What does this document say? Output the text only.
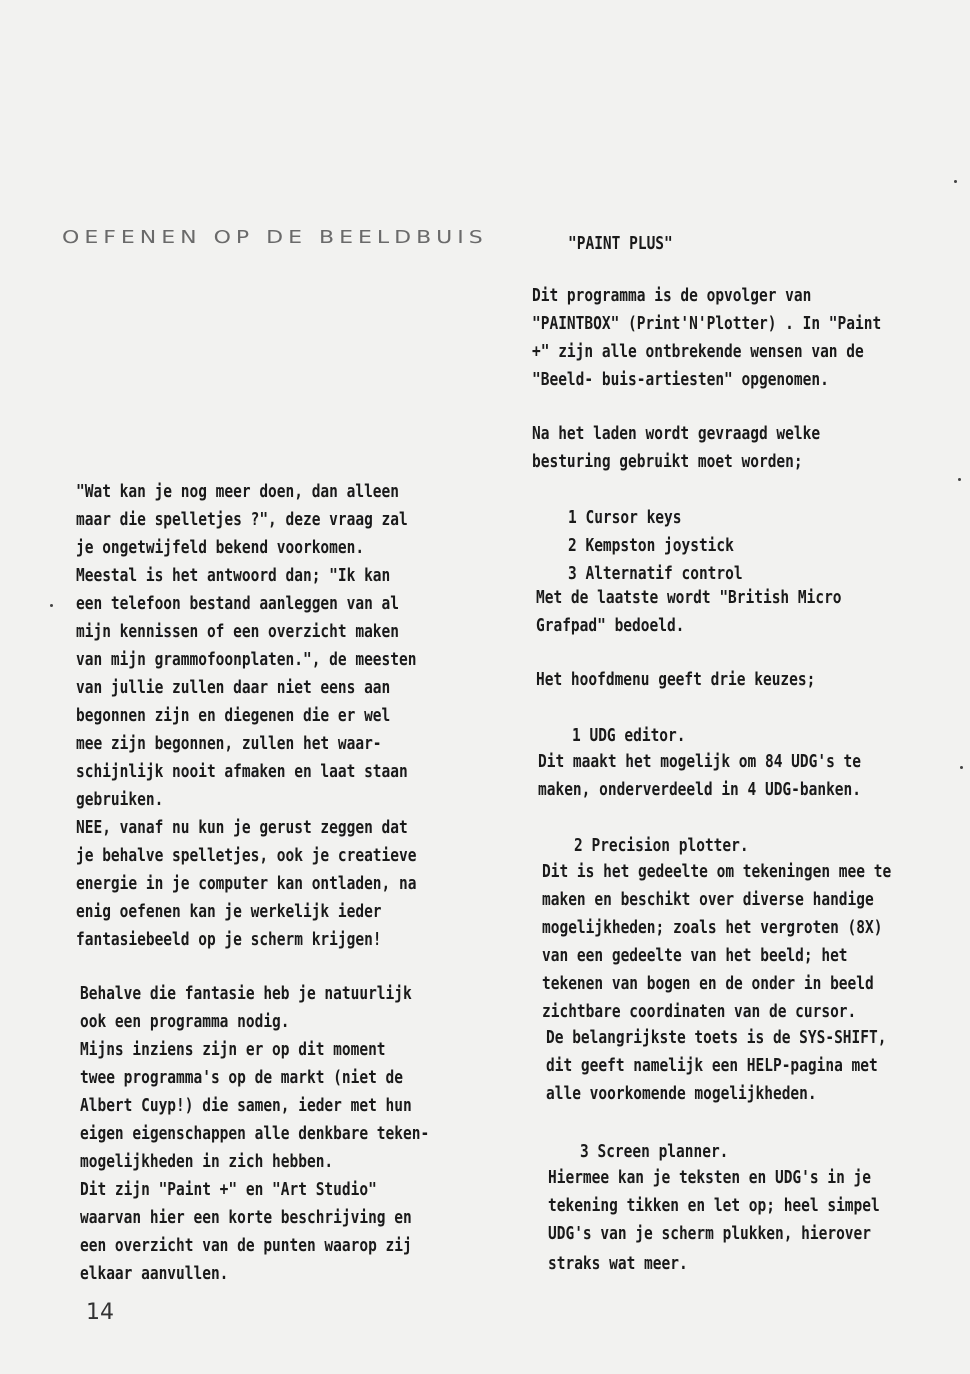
OEFENEN OP DE BEELDBUIS
"Wat kan je nog meer doen, dan alleen
maar die spelletjes ?", deze vraag zal
je ongetwijfeld bekend voorkomen.
Meestal is het antwoord dan; "Ik kan
een telefoon bestand aanleggen van al
mijn kennissen of een overzicht maken
van mijn grammofoonplaten.", de meesten
van jullie zullen daar niet eens aan
begonnen zijn en diegenen die er wel
mee zijn begonnen, zullen het waar-
schijnlijk nooit afmaken en laat staan
gebruiken.
NEE, vanaf nu kun je gerust zeggen dat
je behalve spelletjes, ook je creatieve
energie in je computer kan ontladen, na
enig oefenen kan je werkelijk ieder
fantasiebeeld op je scherm krijgen!
Behalve die fantasie heb je natuurlijk
ook een programma nodig.
Mijns inziens zijn er op dit moment
twee programma's op de markt (niet de
Albert Cuyp!) die samen, ieder met hun
eigen eigenschappen alle denkbare teken-
mogelijkheden in zich hebben.
Dit zijn "Paint +" en "Art Studio"
waarvan hier een korte beschrijving en
een overzicht van de punten waarop zij
elkaar aanvullen.
"PAINT PLUS"
Dit programma is de opvolger van
"PAINTBOX" (Print'N'Plotter) . In "Paint
+" zijn alle ontbrekende wensen van de
"Beeld- buis-artiesten" opgenomen.
Na het laden wordt gevraagd welke
besturing gebruikt moet worden;
1 Cursor keys
2 Kempston joystick
3 Alternatif control
Met de laatste wordt "British Micro
Grafpad" bedoeld.
Het hoofdmenu geeft drie keuzes;
1 UDG editor.
Dit maakt het mogelijk om 84 UDG's te
maken, onderverdeeld in 4 UDG-banken.
2 Precision plotter.
Dit is het gedeelte om tekeningen mee te
maken en beschikt over diverse handige
mogelijkheden; zoals het vergroten (8X)
van een gedeelte van het beeld; het
tekenen van bogen en de onder in beeld
zichtbare coordinaten van de cursor.
De belangrijkste toets is de SYS-SHIFT,
dit geeft namelijk een HELP-pagina met
alle voorkomende mogelijkheden.
3 Screen planner.
Hiermee kan je teksten en UDG's in je
tekening tikken en let op; heel simpel
UDG's van je scherm plukken, hierover
straks wat meer.
14
